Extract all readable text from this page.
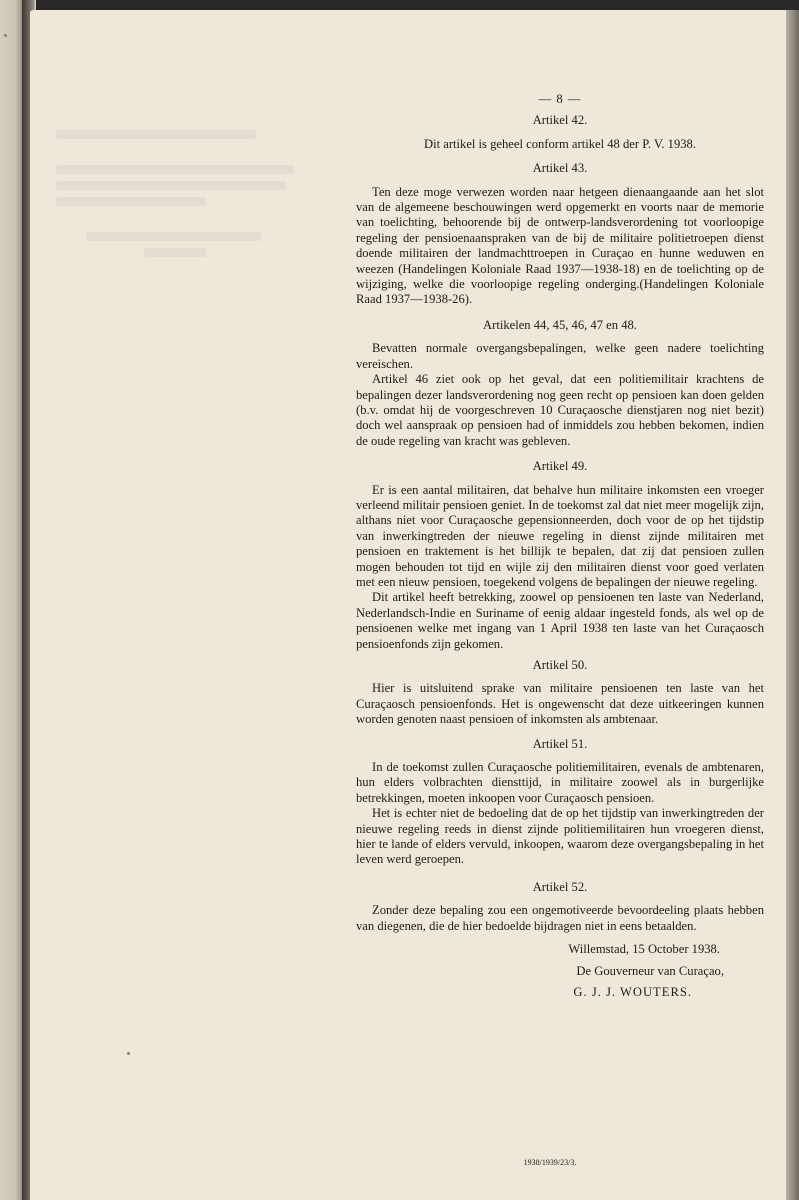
— 8 —

Artikel 42.

Dit artikel is geheel conform artikel 48 der P. V. 1938.

Artikel 43.

Ten deze moge verwezen worden naar hetgeen dienaangaande aan het slot van de algemeene beschouwingen werd opgemerkt en voorts naar de memorie van toelichting, behoorende bij de ontwerp-landsverordening tot voorloopige regeling der pensioenaanspraken van de bij de militaire politietroepen dienst doende militairen der landmachttroepen in Curaçao en hunne weduwen en weezen (Handelingen Koloniale Raad 1937—1938-18) en de toelichting op de wijziging, welke die voorloopige regeling onderging.(Handelingen Koloniale Raad 1937—1938-26).

Artikelen 44, 45, 46, 47 en 48.

Bevatten normale overgangsbepalingen, welke geen nadere toelichting vereischen.

Artikel 46 ziet ook op het geval, dat een politiemilitair krachtens de bepalingen dezer landsverordening nog geen recht op pensioen kan doen gelden (b.v. omdat hij de voorgeschreven 10 Curaçaosche dienstjaren nog niet bezit) doch wel aanspraak op pensioen had of inmiddels zou hebben bekomen, indien de oude regeling van kracht was gebleven.

Artikel 49.

Er is een aantal militairen, dat behalve hun militaire inkomsten een vroeger verleend militair pensioen geniet. In de toekomst zal dat niet meer mogelijk zijn, althans niet voor Curaçaosche gepensionneerden, doch voor de op het tijdstip van inwerkingtreden der nieuwe regeling in dienst zijnde militairen met pensioen en traktement is het billijk te bepalen, dat zij dat pensioen zullen mogen behouden tot tijd en wijle zij den militairen dienst voor goed verlaten met een nieuw pensioen, toegekend volgens de bepalingen der nieuwe regeling.

Dit artikel heeft betrekking, zoowel op pensioenen ten laste van Nederland, Nederlandsch-Indie en Suriname of eenig aldaar ingesteld fonds, als wel op de pensioenen welke met ingang van 1 April 1938 ten laste van het Curaçaosch pensioenfonds zijn gekomen.

Artikel 50.

Hier is uitsluitend sprake van militaire pensioenen ten laste van het Curaçaosch pensioenfonds. Het is ongewenscht dat deze uitkeeringen kunnen worden genoten naast pensioen of inkomsten als ambtenaar.

Artikel 51.

In de toekomst zullen Curaçaosche politiemilitairen, evenals de ambtenaren, hun elders volbrachten diensttijd, in militaire zoowel als in burgerlijke betrekkingen, moeten inkoopen voor Curaçaosch pensioen.

Het is echter niet de bedoeling dat de op het tijdstip van inwerkingtreden der nieuwe regeling reeds in dienst zijnde politiemilitairen hun vroegeren dienst, hier te lande of elders vervuld, inkoopen, waarom deze overgangsbepaling in het leven werd geroepen.

Artikel 52.

Zonder deze bepaling zou een ongemotiveerde bevoordeeling plaats hebben van diegenen, die de hier bedoelde bijdragen niet in eens betaalden.

Willemstad, 15 October 1938.

De Gouverneur van Curaçao,

G. J. J. WOUTERS.

1938/1939/23/3.
